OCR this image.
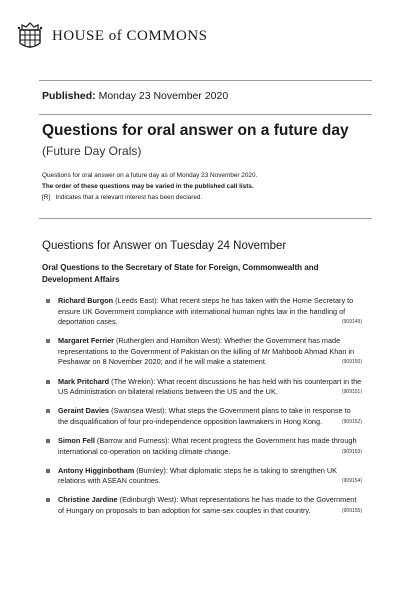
HOUSE of COMMONS
Published: Monday 23 November 2020
Questions for oral answer on a future day
(Future Day Orals)
Questions for oral answer on a future day as of Monday 23 November 2020.
The order of these questions may be varied in the published call lists.
[R] Indicates that a relevant interest has been declared.
Questions for Answer on Tuesday 24 November
Oral Questions to the Secretary of State for Foreign, Commonwealth and Development Affairs
Richard Burgon (Leeds East): What recent steps he has taken with the Home Secretary to ensure UK Government compliance with international human rights law in the handling of deportation cases.	(909149)
Margaret Ferrier (Rutherglen and Hamilton West): Whether the Government has made representations to the Government of Pakistan on the killing of Mr Mahboob Ahmad Khan in Peshawar on 8 November 2020; and if he will make a statement.	(909150)
Mark Pritchard (The Wrekin): What recent discussions he has held with his counterpart in the US Administration on bilateral relations between the US and the UK.	(909151)
Geraint Davies (Swansea West): What steps the Government plans to take in response to the disqualification of four pro-independence opposition lawmakers in Hong Kong.	(909152)
Simon Fell (Barrow and Furness): What recent progress the Government has made through international co-operation on tackling climate change.	(909153)
Antony Higginbotham (Burnley): What diplomatic steps he is taking to strengthen UK relations with ASEAN countries.	(909154)
Christine Jardine (Edinburgh West): What representations he has made to the Government of Hungary on proposals to ban adoption for same-sex couples in that country.	(909155)
